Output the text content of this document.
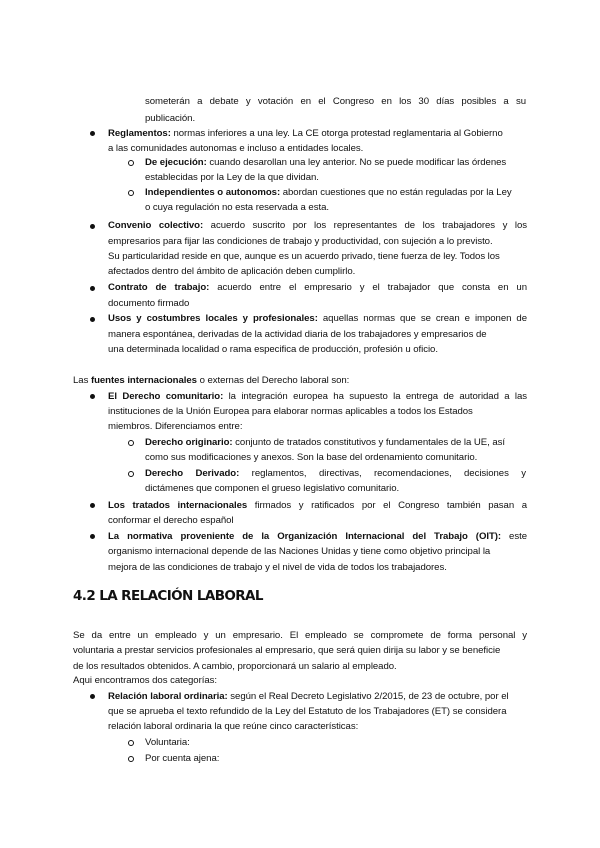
someterán a debate y votación en el Congreso en los 30 días posibles a su
publicación.
Reglamentos: normas inferiores a una ley. La CE otorga protestad reglamentaria al Gobierno
a las comunidades autonomas e incluso a entidades locales.
De ejecución: cuando desarollan una ley anterior. No se puede modificar las órdenes
establecidas por la Ley de la que dividan.
Independientes o autonomos: abordan cuestiones que no están reguladas por la Ley
o cuya regulación no esta reservada a esta.
Convenio colectivo: acuerdo suscrito por los representantes de los trabajadores y los
empresarios para fijar las condiciones de trabajo y productividad, con sujeción a lo previsto.
Su particularidad reside en que, aunque es un acuerdo privado, tiene fuerza de ley. Todos los
afectados dentro del ámbito de aplicación deben cumplirlo.
Contrato de trabajo: acuerdo entre el empresario y el trabajador que consta en un
documento firmado
Usos y costumbres locales y profesionales: aquellas normas que se crean e imponen de
manera espontánea, derivadas de la actividad diaria de los trabajadores y empresarios de
una determinada localidad o rama especifica de producción, profesión u oficio.
Las fuentes internacionales o externas del Derecho laboral son:
El Derecho comunitario: la integración europea ha supuesto la entrega de autoridad a las
instituciones de la Unión Europea para elaborar normas aplicables a todos los Estados
miembros. Diferenciamos entre:
Derecho originario: conjunto de tratados constitutivos y fundamentales de la UE, así
como sus modificaciones y anexos. Son la base del ordenamiento comunitario.
Derecho Derivado: reglamentos, directivas, recomendaciones, decisiones y
dictámenes que componen el grueso legislativo comunitario.
Los tratados internacionales firmados y ratificados por el Congreso también pasan a
conformar el derecho español
La normativa proveniente de la Organización Internacional del Trabajo (OIT): este
organismo internacional depende de las Naciones Unidas y tiene como objetivo principal la
mejora de las condiciones de trabajo y el nivel de vida de todos los trabajadores.
4.2 LA RELACIÓN LABORAL
Se da entre un empleado y un empresario. El empleado se compromete de forma personal y
voluntaria a prestar servicios profesionales al empresario, que será quien dirija su labor y se beneficie
de los resultados obtenidos. A cambio, proporcionará un salario al empleado.
Aqui encontramos dos categorías:
Relación laboral ordinaria: según el Real Decreto Legislativo 2/2015, de 23 de octubre, por el
que se aprueba el texto refundido de la Ley del Estatuto de los Trabajadores (ET) se considera
relación laboral ordinaria la que reúne cinco características:
Voluntaria:
Por cuenta ajena:
